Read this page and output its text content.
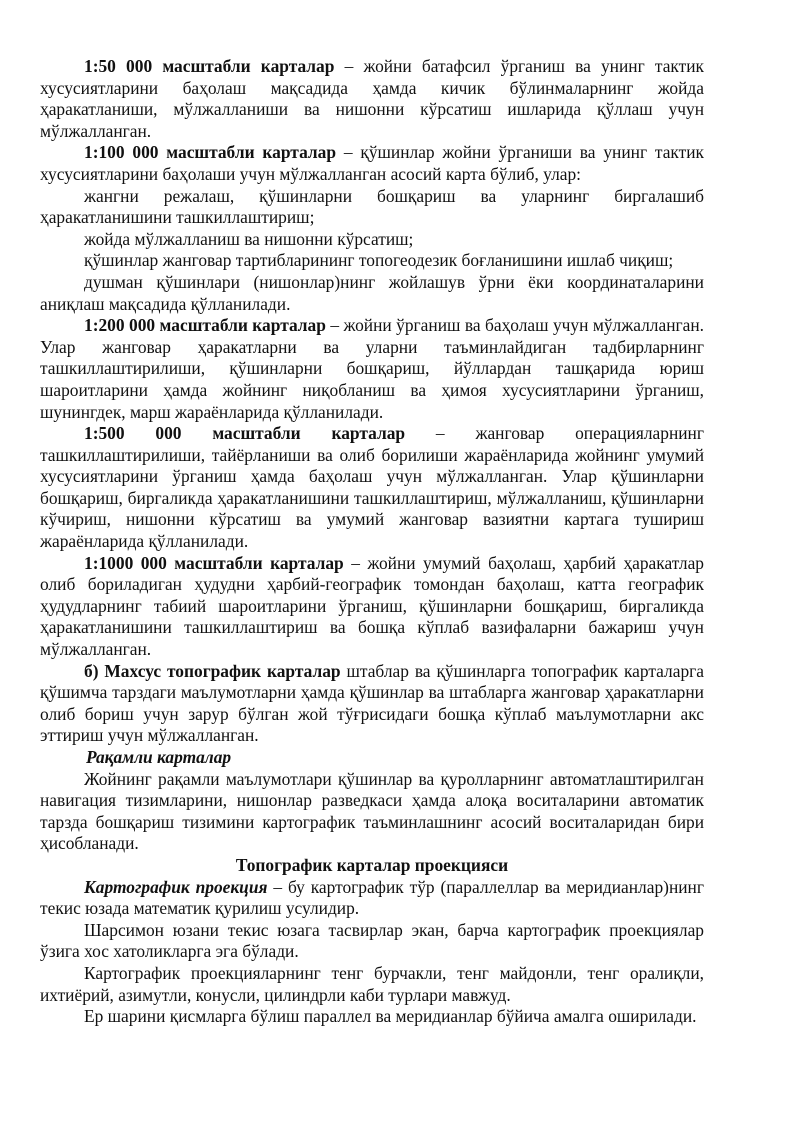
1:50 000 масштабли карталар – жойни батафсил ўрганиш ва унинг тактик хусусиятларини баҳолаш мақсадида ҳамда кичик бўлинмаларнинг жойда ҳаракатланиши, мўлжалланиши ва нишонни кўрсатиш ишларида қўллаш учун мўлжалланган.

1:100 000 масштабли карталар – қўшинлар жойни ўрганиши ва унинг тактик хусусиятларини баҳолаши учун мўлжалланган асосий карта бўлиб, улар:

жангни режалаш, қўшинларни бошқариш ва уларнинг биргалашиб ҳаракатланишини ташкиллаштириш;

жойда мўлжалланиш ва нишонни кўрсатиш;

қўшинлар жанговар тартибларининг топогеодезик боғланишини ишлаб чиқиш;

душман қўшинлари (нишонлар)нинг жойлашув ўрни ёки координаталарини аниқлаш мақсадида қўлланилади.

1:200 000 масштабли карталар – жойни ўрганиш ва баҳолаш учун мўлжалланган. Улар жанговар ҳаракатларни ва уларни таъминлайдиган тадбирларнинг ташкиллаштирилиши, қўшинларни бошқариш, йўллардан ташқарида юриш шароитларини ҳамда жойнинг ниқобланиш ва ҳимоя хусусиятларини ўрганиш, шунингдек, марш жараёнларида қўлланилади.

1:500 000 масштабли карталар – жанговар операцияларнинг ташкиллаштирилиши, тайёрланиши ва олиб борилиши жараёнларида жойнинг умумий хусусиятларини ўрганиш ҳамда баҳолаш учун мўлжалланган. Улар қўшинларни бошқариш, биргаликда ҳаракатланишини ташкиллаштириш, мўлжалланиш, қўшинларни кўчириш, нишонни кўрсатиш ва умумий жанговар вазиятни картага тушириш жараёнларида қўлланилади.

1:1000 000 масштабли карталар – жойни умумий баҳолаш, ҳарбий ҳаракатлар олиб бориладиган ҳудудни ҳарбий-географик томондан баҳолаш, катта географик ҳудудларнинг табиий шароитларини ўрганиш, қўшинларни бошқариш, биргаликда ҳаракатланишини ташкиллаштириш ва бошқа кўплаб вазифаларни бажариш учун мўлжалланган.

б) Махсус топографик карталар штаблар ва қўшинларга топографик карталарга қўшимча тарздаги маълумотларни ҳамда қўшинлар ва штабларга жанговар ҳаракатларни олиб бориш учун зарур бўлган жой тўғрисидаги бошқа кўплаб маълумотларни акс эттириш учун мўлжалланган.

Рақамли карталар

Жойнинг рақамли маълумотлари қўшинлар ва қуролларнинг автоматлаштирилган навигация тизимларини, нишонлар разведкаси ҳамда алоқа воситаларини автоматик тарзда бошқариш тизимини картографик таъминлашнинг асосий воситаларидан бири ҳисобланади.

Топографик карталар проекцияси

Картографик проекция – бу картографик тўр (параллеллар ва меридианлар)нинг текис юзада математик қурилиш усулидир.

Шарсимон юзани текис юзага тасвирлар экан, барча картографик проекциялар ўзига хос хатоликларга эга бўлади.

Картографик проекцияларнинг тенг бурчакли, тенг майдонли, тенг оралиқли, ихтиёрий, азимутли, конусли, цилиндрли каби турлари мавжуд.

Ер шарини қисмларга бўлиш параллел ва меридианлар бўйича амалга оширилади.
